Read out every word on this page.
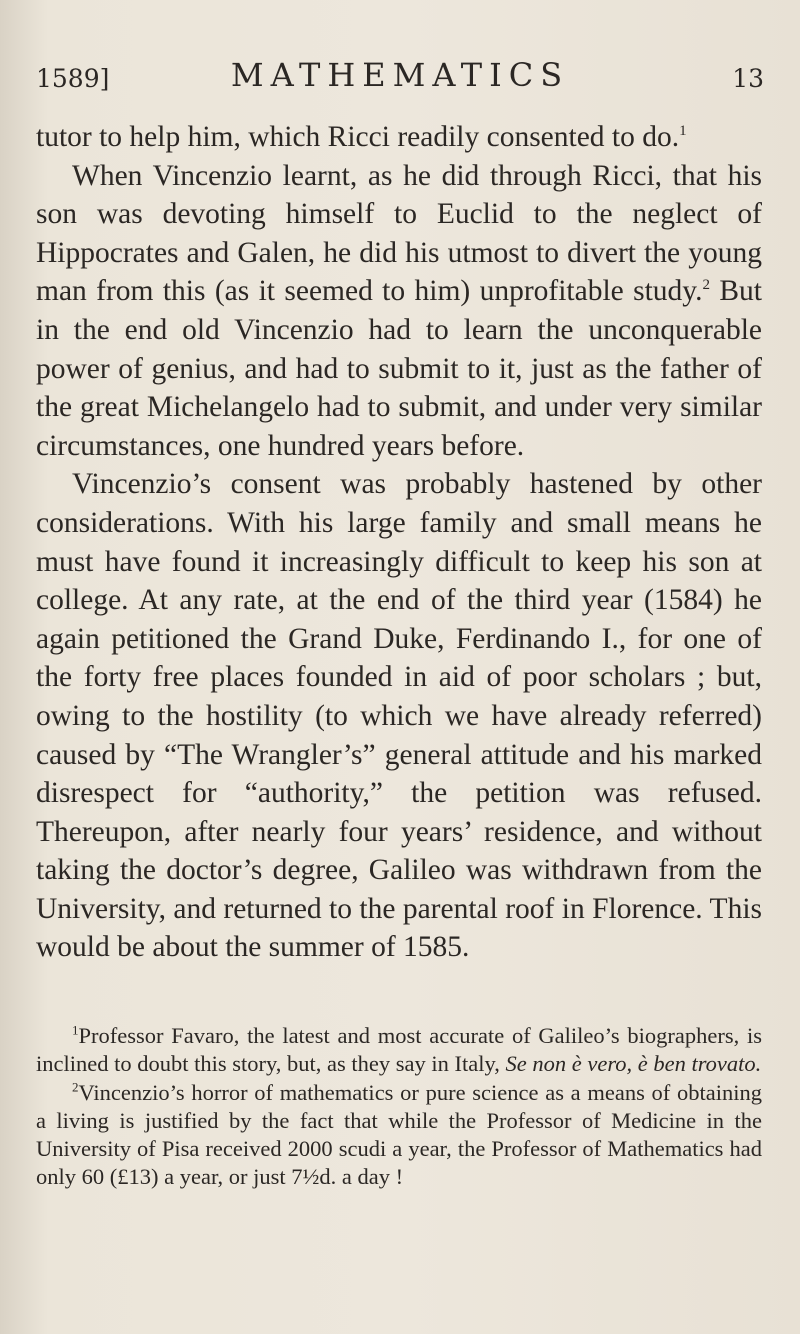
1589]	MATHEMATICS	13

tutor to help him, which Ricci readily consented to do.$^1$

When Vincenzio learnt, as he did through Ricci, that his son was devoting himself to Euclid to the neglect of Hippocrates and Galen, he did his utmost to divert the young man from this (as it seemed to him) unprofitable study.$^2$ But in the end old Vincenzio had to learn the unconquerable power of genius, and had to submit to it, just as the father of the great Michelangelo had to submit, and under very similar circumstances, one hundred years before.

Vincenzio’s consent was probably hastened by other considerations. With his large family and small means he must have found it increasingly difficult to keep his son at college. At any rate, at the end of the third year (1584) he again petitioned the Grand Duke, Ferdinando I., for one of the forty free places founded in aid of poor scholars ; but, owing to the hostility (to which we have already referred) caused by “The Wrangler’s” general attitude and his marked disrespect for “authority,” the petition was refused. Thereupon, after nearly four years’ residence, and without taking the doctor’s degree, Galileo was withdrawn from the University, and returned to the parental roof in Florence. This would be about the summer of 1585.

$^1$Professor Favaro, the latest and most accurate of Galileo’s biographers, is inclined to doubt this story, but, as they say in Italy, Se non è vero, è ben trovato.

$^2$Vincenzio’s horror of mathematics or pure science as a means of obtaining a living is justified by the fact that while the Professor of Medicine in the University of Pisa received 2000 scudi a year, the Professor of Mathematics had only 60 (£13) a year, or just 7½d. a day !
